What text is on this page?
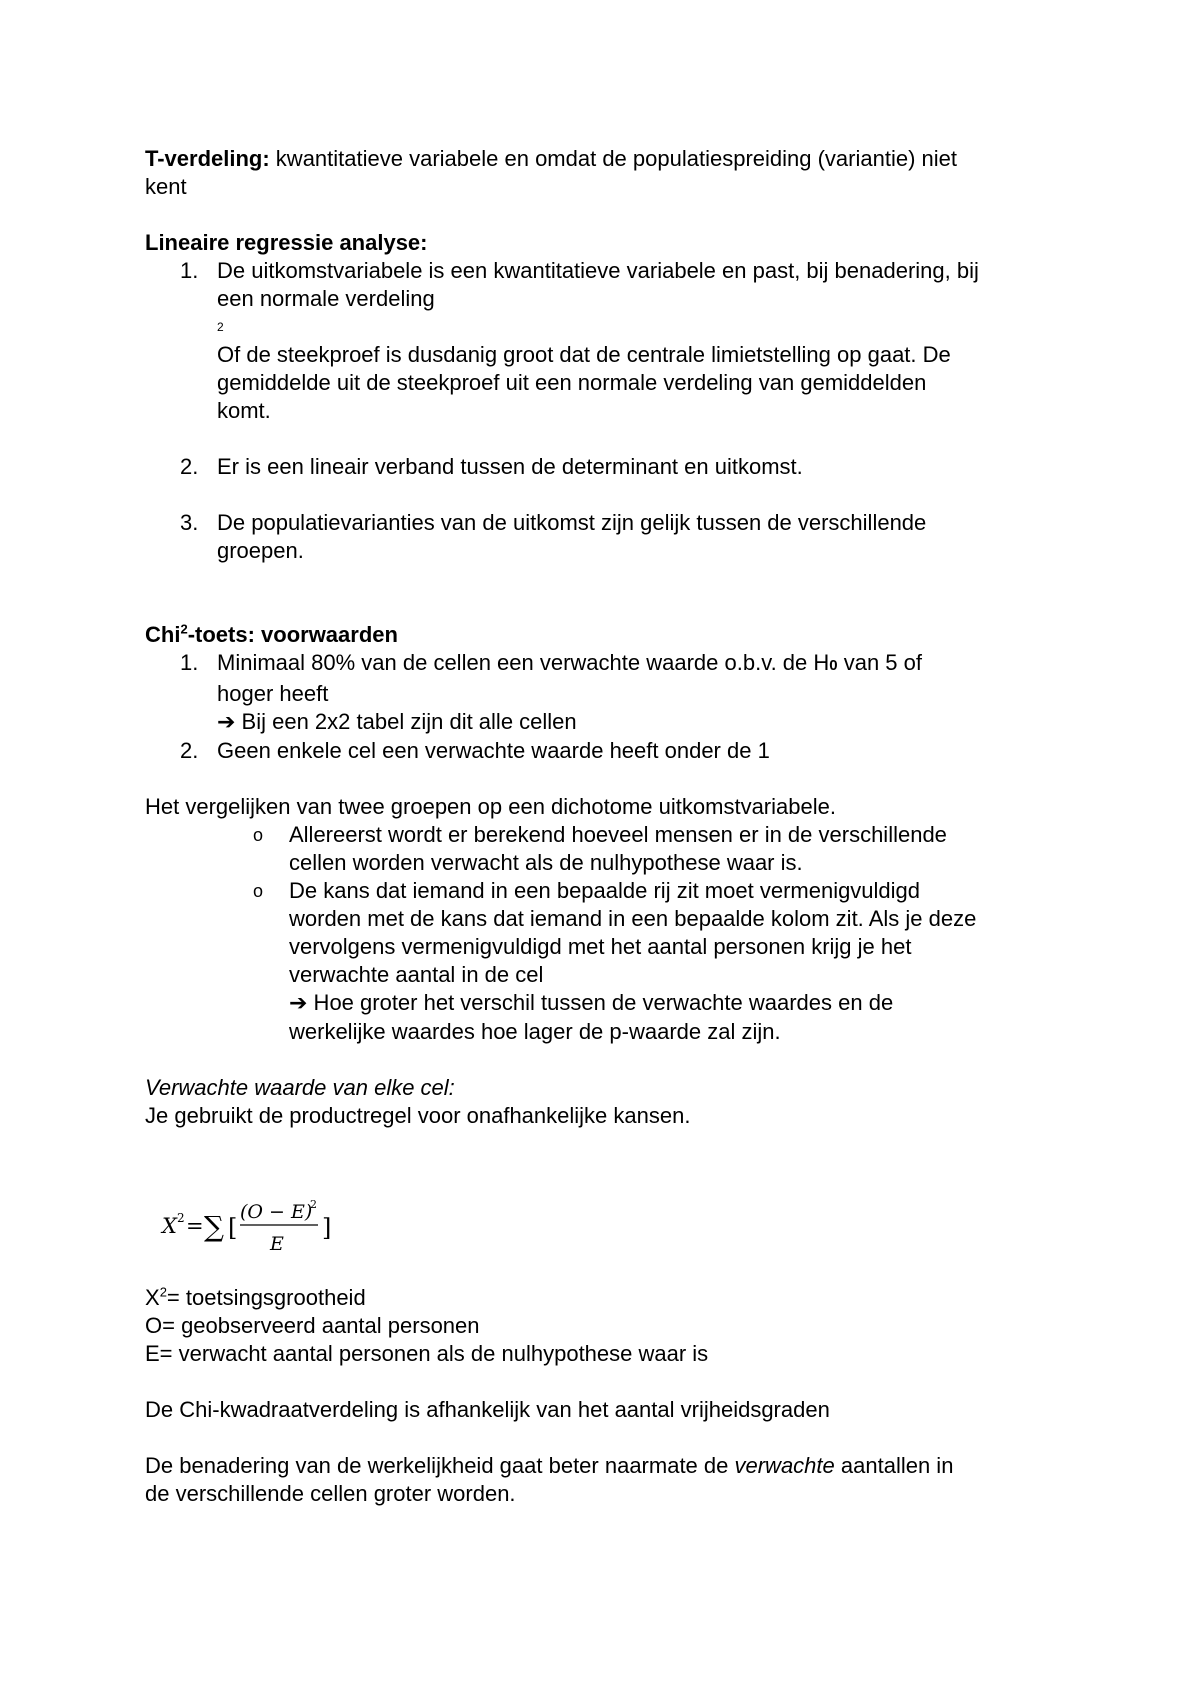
T-verdeling: kwantitatieve variabele en omdat de populatiespreiding (variantie) niet
kent

Lineaire regressie analyse:

1. De uitkomstvariabele is een kwantitatieve variabele en past, bij benadering, bij
een normale verdeling
2
Of de steekproef is dusdanig groot dat de centrale limietstelling op gaat. De
gemiddelde uit de steekproef uit een normale verdeling van gemiddelden
komt.
2. Er is een lineair verband tussen de determinant en uitkomst.
3. De populatievarianties van de uitkomst zijn gelijk tussen de verschillende
groepen.

Chi$^2$-toets: voorwaarden

1. Minimaal 80% van de cellen een verwachte waarde o.b.v. de H0 van 5 of
hoger heeft
➔ Bij een 2x2 tabel zijn dit alle cellen
2. Geen enkele cel een verwachte waarde heeft onder de 1

Het vergelijken van twee groepen op een dichotome uitkomstvariabele.

o Allereerst wordt er berekend hoeveel mensen er in de verschillende
cellen worden verwacht als de nulhypothese waar is.
o De kans dat iemand in een bepaalde rij zit moet vermenigvuldigd
worden met de kans dat iemand in een bepaalde kolom zit. Als je deze
vervolgens vermenigvuldigd met het aantal personen krijg je het
verwachte aantal in de cel
➔ Hoe groter het verschil tussen de verwachte waardes en de
werkelijke waardes hoe lager de p-waarde zal zijn.

Verwachte waarde van elke cel:

Je gebruikt de productregel voor onafhankelijke kansen.

X 2 = ∑ [
(O − E)
2
E
]

$X^2=$ toetsingsgrootheid

O= geobserveerd aantal personen

E= verwacht aantal personen als de nulhypothese waar is

De Chi-kwadraatverdeling is afhankelijk van het aantal vrijheidsgraden

De benadering van de werkelijkheid gaat beter naarmate de verwachte aantallen in
de verschillende cellen groter worden.
